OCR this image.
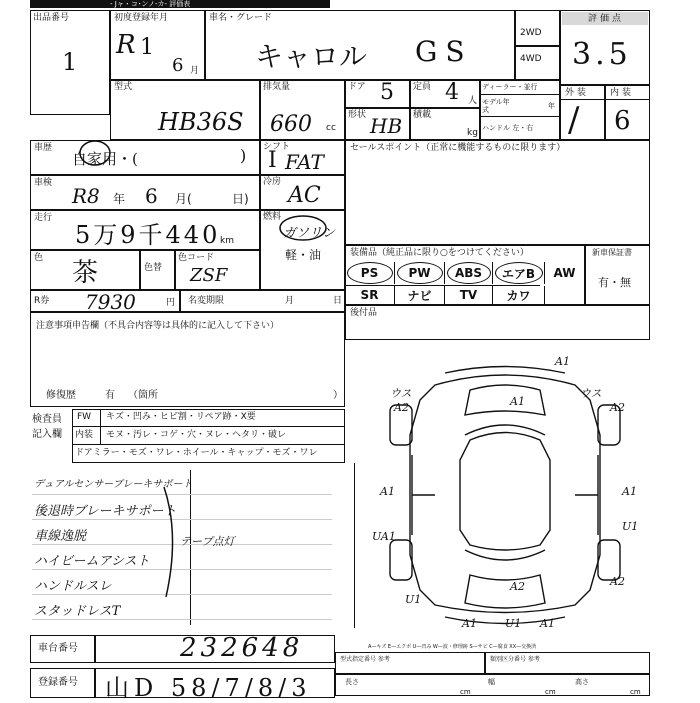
- Jャ・コ･ンノ-カ- 評価表
出品番号
1
初度登録年月
R 1
6 月
車名・グレード
キャロル GS
2WD
4WD
評価点
3.5
型式
HB36S
排気量
660 cc
ドア 5 定員 4 人
ディーラー・並行
モデル年式	年
ハンドル 左・右
形状 HB 積載
kg
外装
/
内装
6
車歴
自家用・(	) シフト
I FAT
セールスポイント（正常に機能するものに限ります）
車検
R8 年 6 月(	日)
冷房
AC
走行
5万9千440 km
燃料
ガソリン
軽・油
色 茶	色替
色コード
ZSF
装備品（純正品に限り○をつけてください）	新車保証書
有・無
PS	PW	ABS	エアB	AW
SR	ナビ	TV	カワ
R券 7930	円 名変期限	月	日
後付品
注意事項申告欄（不具合内容等は具体的に記入して下さい）
修復歴	有 （箇所	）
検査員
記入欄
FW キズ・凹み・ヒビ割・リペア跡・X要
内装 モヌ・汚レ・コゲ・穴・ヌレ・ヘタリ・破レ
ドアミラー・モズ・ワレ・ホイール・キャップ・モズ・ワレ
デュアルセンサーブレーキサポート
後退時ブレーキサポート
車線逸脱
ハイビームアシスト
ハンドルスレ
スタッドレスT
テープ点灯
車台番号	232648
登録番号 山D 58/7/8/3
A—キズ E—エクボ U—凹み W—波・修理跡 S—サビ C—腐食 XX—交換済
型式指定番号 参考	類別区分番号 参考
長さ
cm
幅
cm
高さ
cm
A1
ウス
A2	A1
ウス
A2
A1	A1
UA1
U1
U1
A2	A2
A1	U1 A1
